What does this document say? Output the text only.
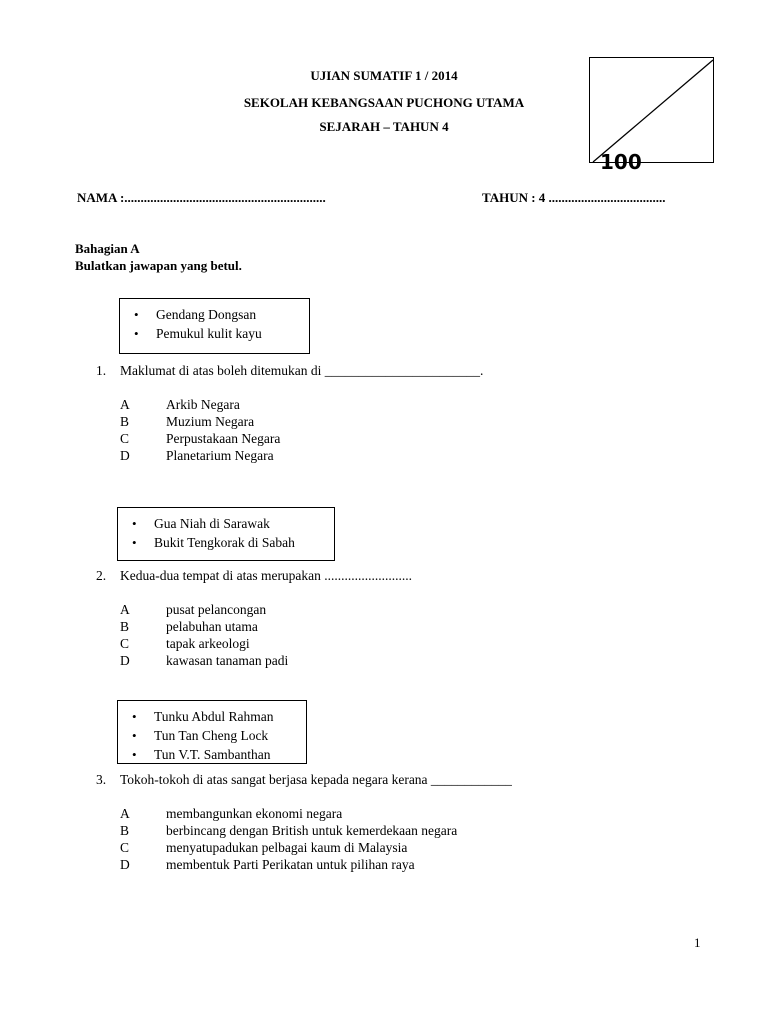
UJIAN SUMATIF 1 / 2014
SEKOLAH KEBANGSAAN PUCHONG UTAMA
SEJARAH – TAHUN 4
100
NAMA :..............................................................	TAHUN : 4 ....................................
Bahagian A
Bulatkan jawapan yang betul.
• Gendang Dongsan
• Pemukul kulit kayu
1. Maklumat di atas boleh ditemukan di _______________________.
A	Arkib Negara
B	Muzium Negara
C	Perpustakaan Negara
D	Planetarium Negara
• Gua Niah di Sarawak
• Bukit Tengkorak di Sabah
2. Kedua-dua tempat di atas merupakan ..........................
A	pusat pelancongan
B	pelabuhan utama
C	tapak arkeologi
D	kawasan tanaman padi
• Tunku Abdul Rahman
• Tun Tan Cheng Lock
• Tun V.T. Sambanthan
3. Tokoh-tokoh di atas sangat berjasa kepada negara kerana ____________
A	membangunkan ekonomi negara
B	berbincang dengan British untuk kemerdekaan negara
C	menyatupadukan pelbagai kaum di Malaysia
D	membentuk Parti Perikatan untuk pilihan raya
1
